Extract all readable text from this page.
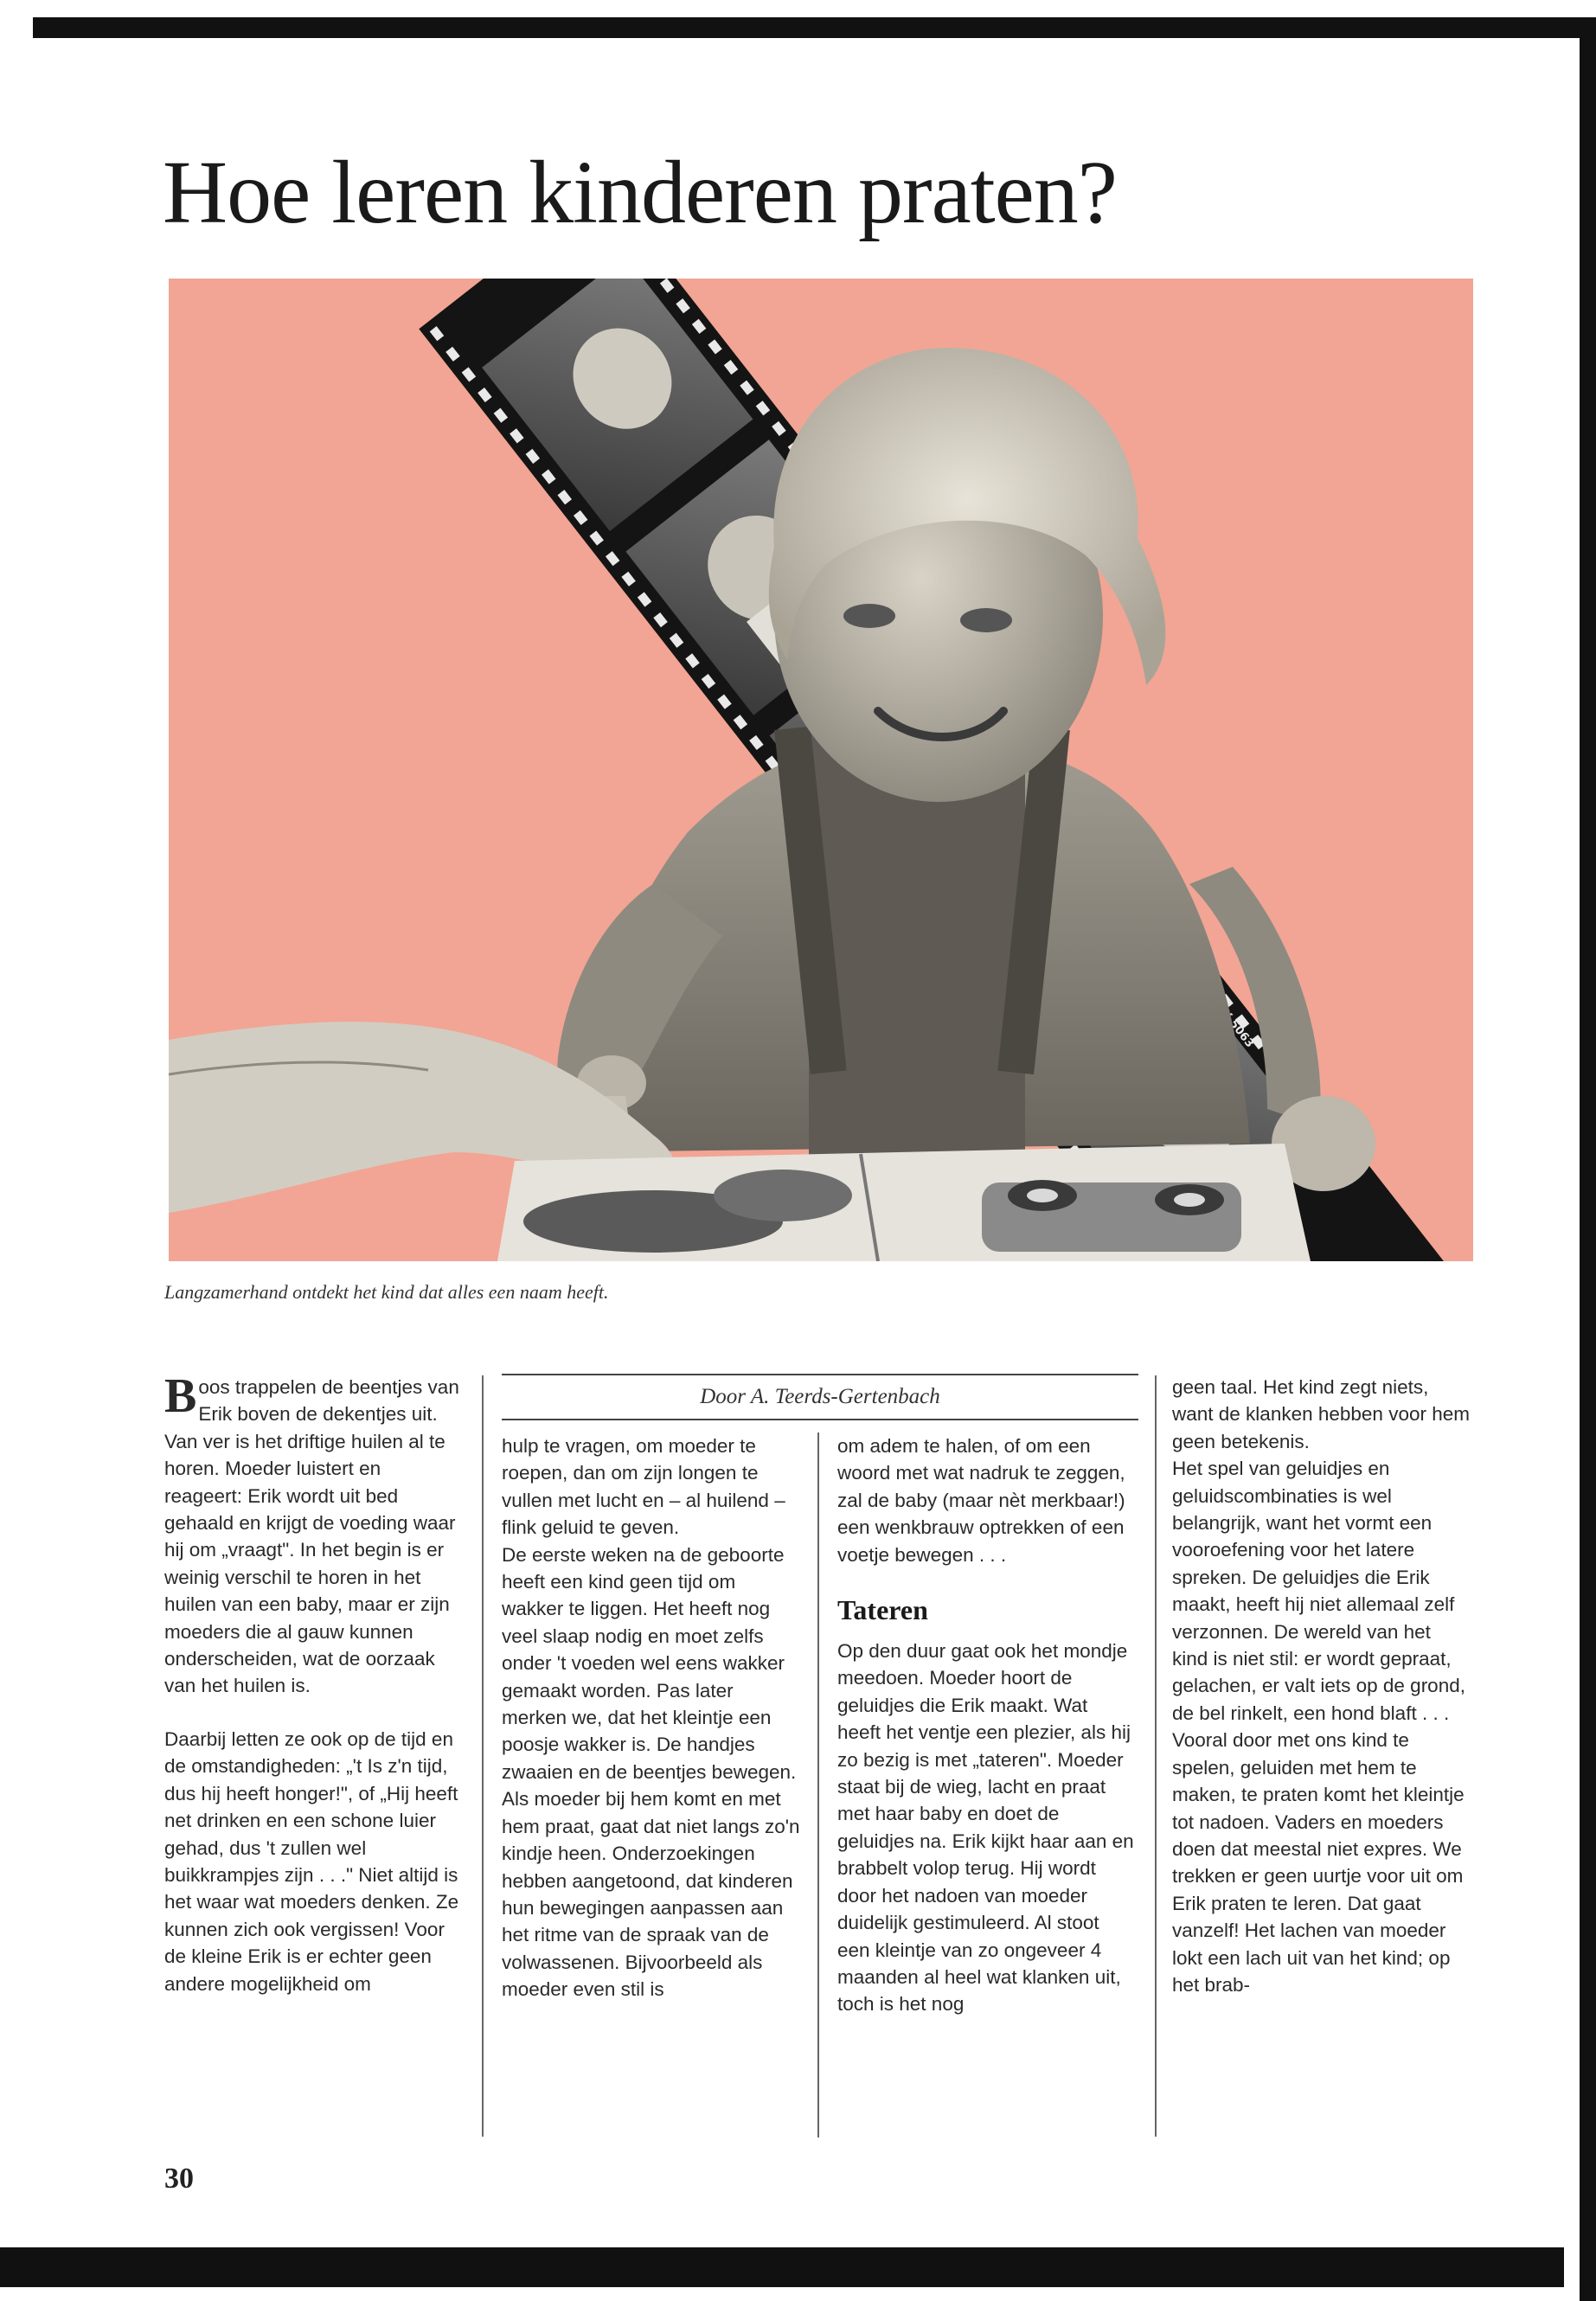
Hoe leren kinderen praten?
5063
Langzamerhand ontdekt het kind dat alles een naam heeft.

Boos trappelen de beentjes van Erik boven de dekentjes uit. Van ver is het driftige huilen al te horen. Moeder luistert en reageert: Erik wordt uit bed gehaald en krijgt de voeding waar hij om „vraagt". In het begin is er weinig verschil te horen in het huilen van een baby, maar er zijn moeders die al gauw kunnen onderscheiden, wat de oorzaak van het huilen is.

Daarbij letten ze ook op de tijd en de omstandigheden: „'t Is z'n tijd, dus hij heeft honger!", of „Hij heeft net drinken en een schone luier gehad, dus 't zullen wel buikkrampjes zijn . . ." Niet altijd is het waar wat moeders denken. Ze kunnen zich ook vergissen! Voor de kleine Erik is er echter geen andere mogelijkheid om

Door A. Teerds-Gertenbach

hulp te vragen, om moeder te roepen, dan om zijn longen te vullen met lucht en – al huilend – flink geluid te geven.

De eerste weken na de geboorte heeft een kind geen tijd om wakker te liggen. Het heeft nog veel slaap nodig en moet zelfs onder 't voeden wel eens wakker gemaakt worden. Pas later merken we, dat het kleintje een poosje wakker is. De handjes zwaaien en de beentjes bewegen. Als moeder bij hem komt en met hem praat, gaat dat niet langs zo'n kindje heen. Onderzoekingen hebben aangetoond, dat kinderen hun bewegingen aanpassen aan het ritme van de spraak van de volwassenen. Bijvoorbeeld als moeder even stil is

om adem te halen, of om een woord met wat nadruk te zeggen, zal de baby (maar nèt merkbaar!) een wenkbrauw optrekken of een voetje bewegen . . .

Tateren

Op den duur gaat ook het mondje meedoen. Moeder hoort de geluidjes die Erik maakt. Wat heeft het ventje een plezier, als hij zo bezig is met „tateren". Moeder staat bij de wieg, lacht en praat met haar baby en doet de geluidjes na. Erik kijkt haar aan en brabbelt volop terug. Hij wordt door het nadoen van moeder duidelijk gestimuleerd. Al stoot een kleintje van zo ongeveer 4 maanden al heel wat klanken uit, toch is het nog

geen taal. Het kind zegt niets, want de klanken hebben voor hem geen betekenis.

Het spel van geluidjes en geluidscombinaties is wel belangrijk, want het vormt een vooroefening voor het latere spreken. De geluidjes die Erik maakt, heeft hij niet allemaal zelf verzonnen. De wereld van het kind is niet stil: er wordt gepraat, gelachen, er valt iets op de grond, de bel rinkelt, een hond blaft . . .

Vooral door met ons kind te spelen, geluiden met hem te maken, te praten komt het kleintje tot nadoen. Vaders en moeders doen dat meestal niet expres. We trekken er geen uurtje voor uit om Erik praten te leren. Dat gaat vanzelf! Het lachen van moeder lokt een lach uit van het kind; op het brab-

30
